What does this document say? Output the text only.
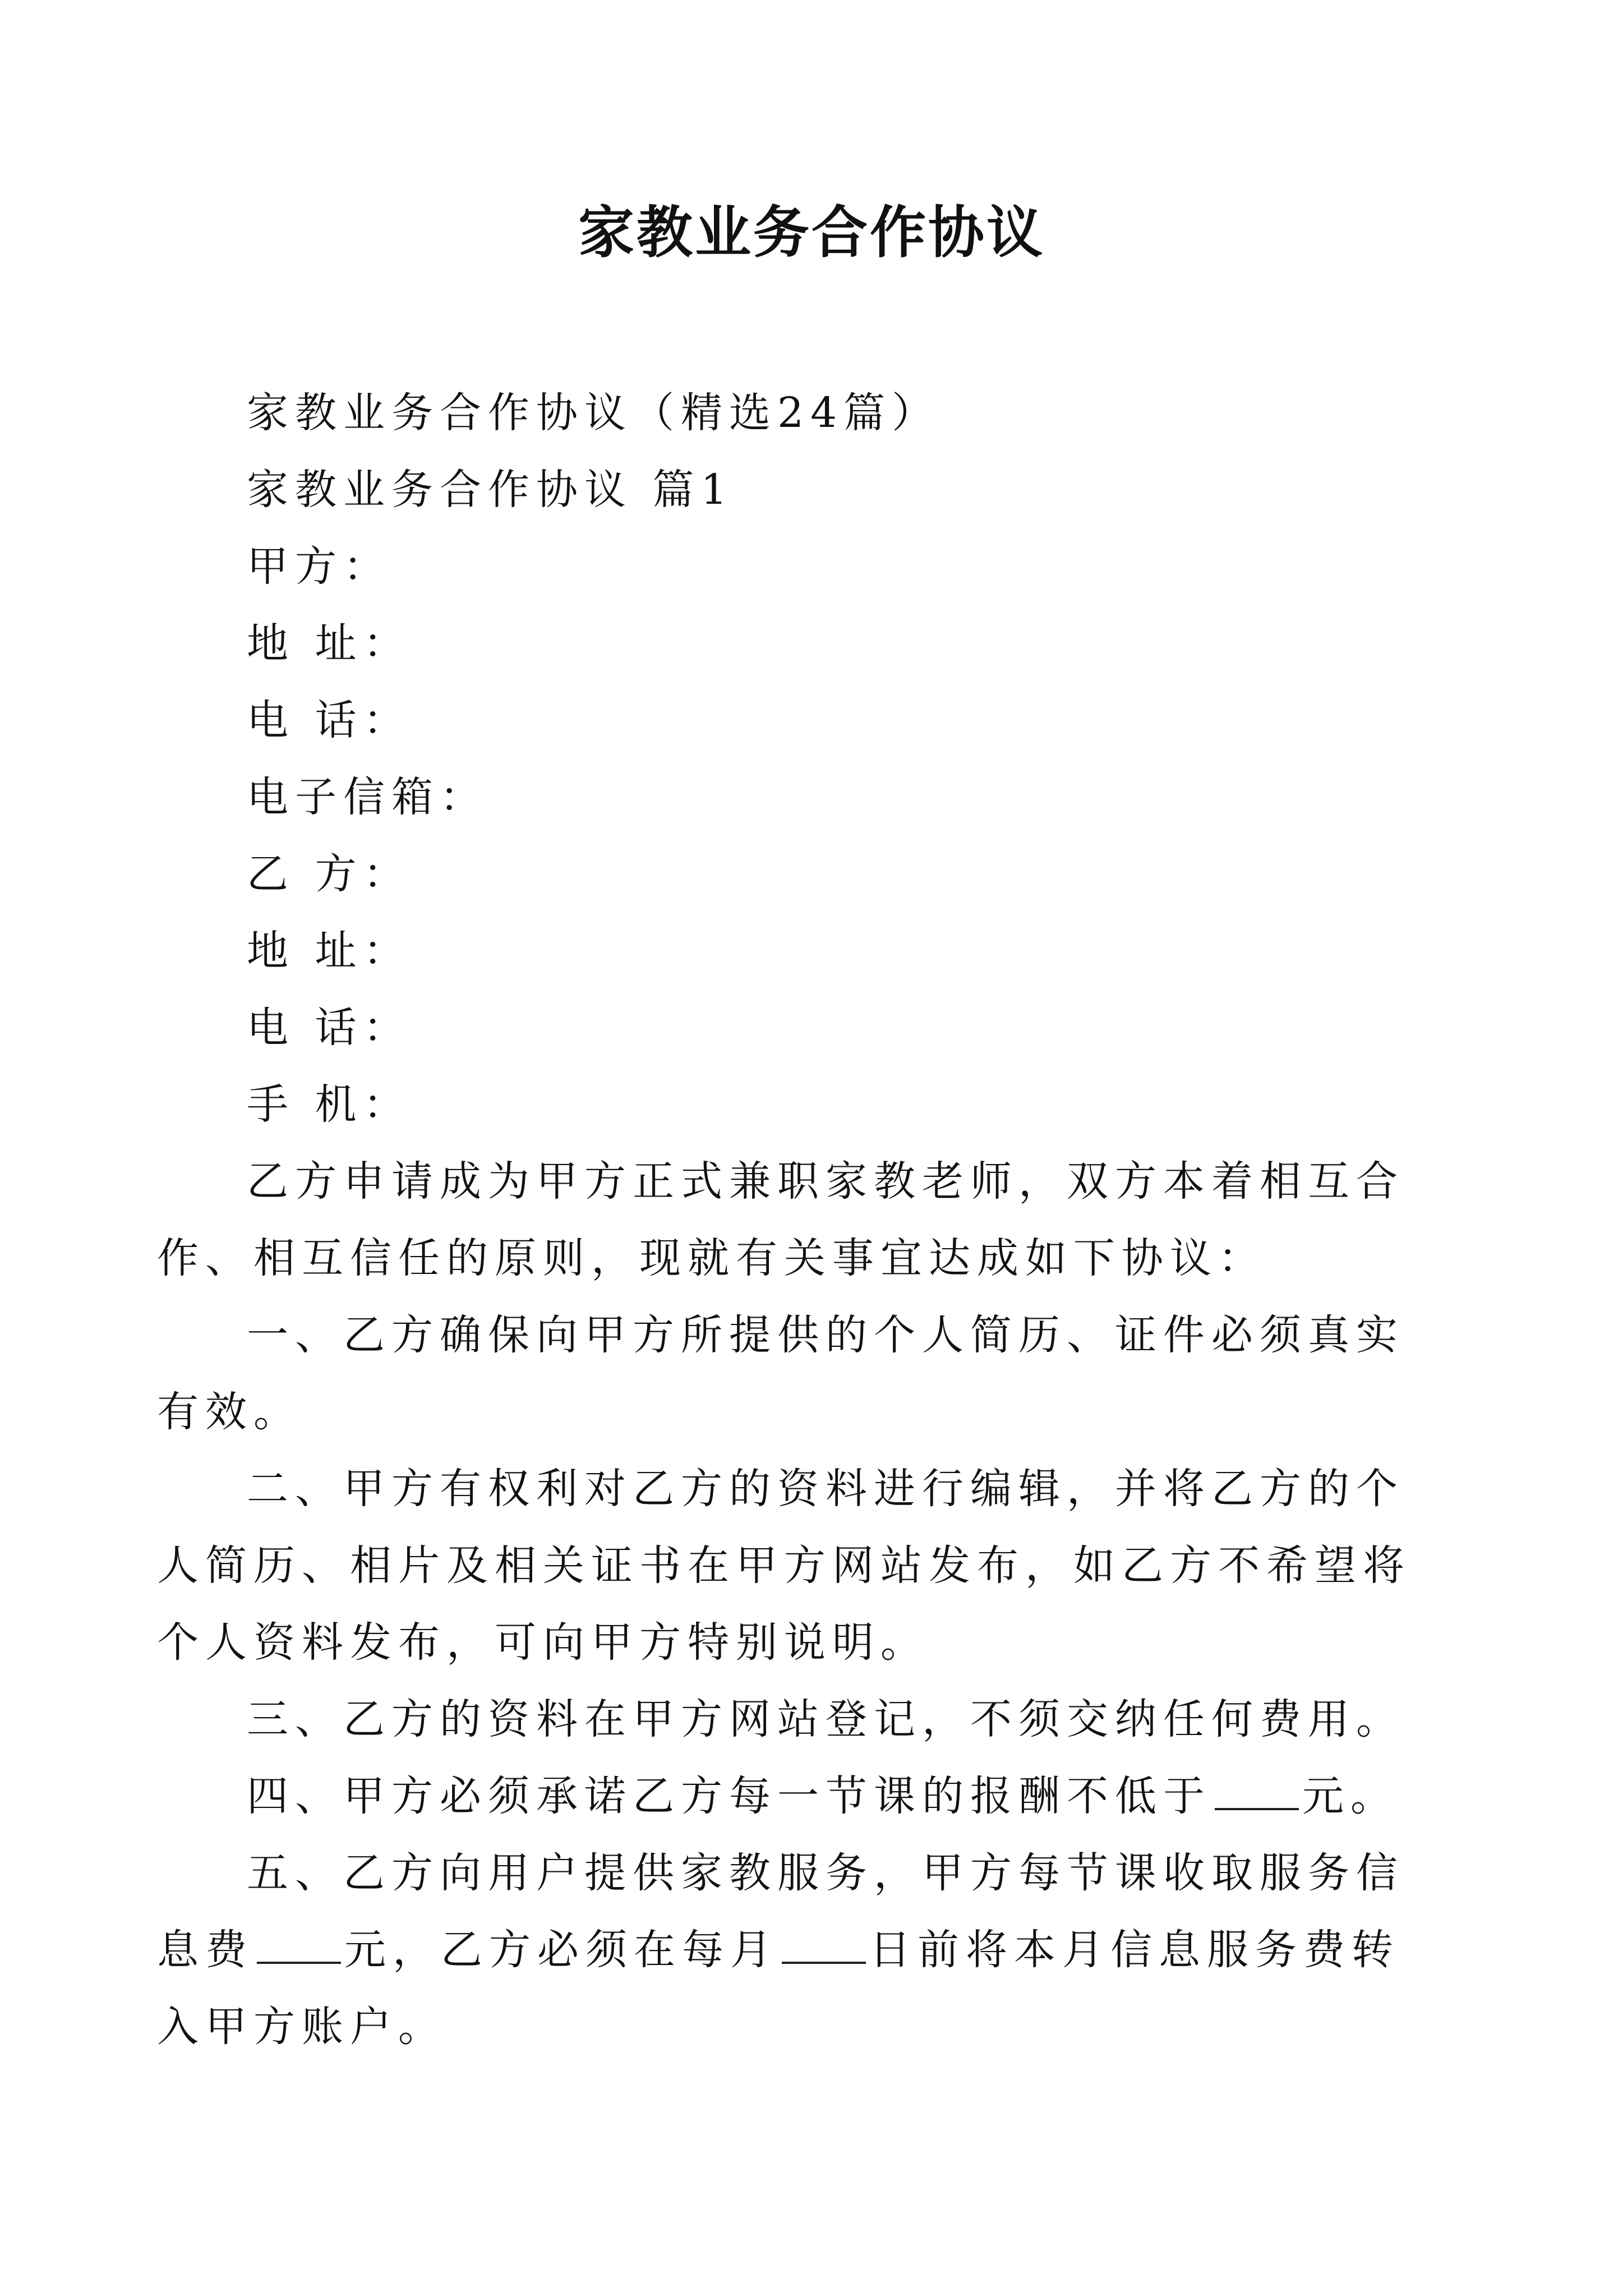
家教业务合作协议

家教业务合作协议（精选24篇）

家教业务合作协议 篇1

甲方：

地 址：

电 话：

电子信箱：

乙 方：

地 址：

电 话：

手 机：

乙方申请成为甲方正式兼职家教老师，双方本着相互合

作、相互信任的原则，现就有关事宜达成如下协议：

一、乙方确保向甲方所提供的个人简历、证件必须真实

有效。

二、甲方有权利对乙方的资料进行编辑，并将乙方的个

人简历、相片及相关证书在甲方网站发布，如乙方不希望将

个人资料发布，可向甲方特别说明。

三、乙方的资料在甲方网站登记，不须交纳任何费用。

四、甲方必须承诺乙方每一节课的报酬不低于 元。

五、乙方向用户提供家教服务，甲方每节课收取服务信

息费 元，乙方必须在每月 日前将本月信息服务费转

入甲方账户。
